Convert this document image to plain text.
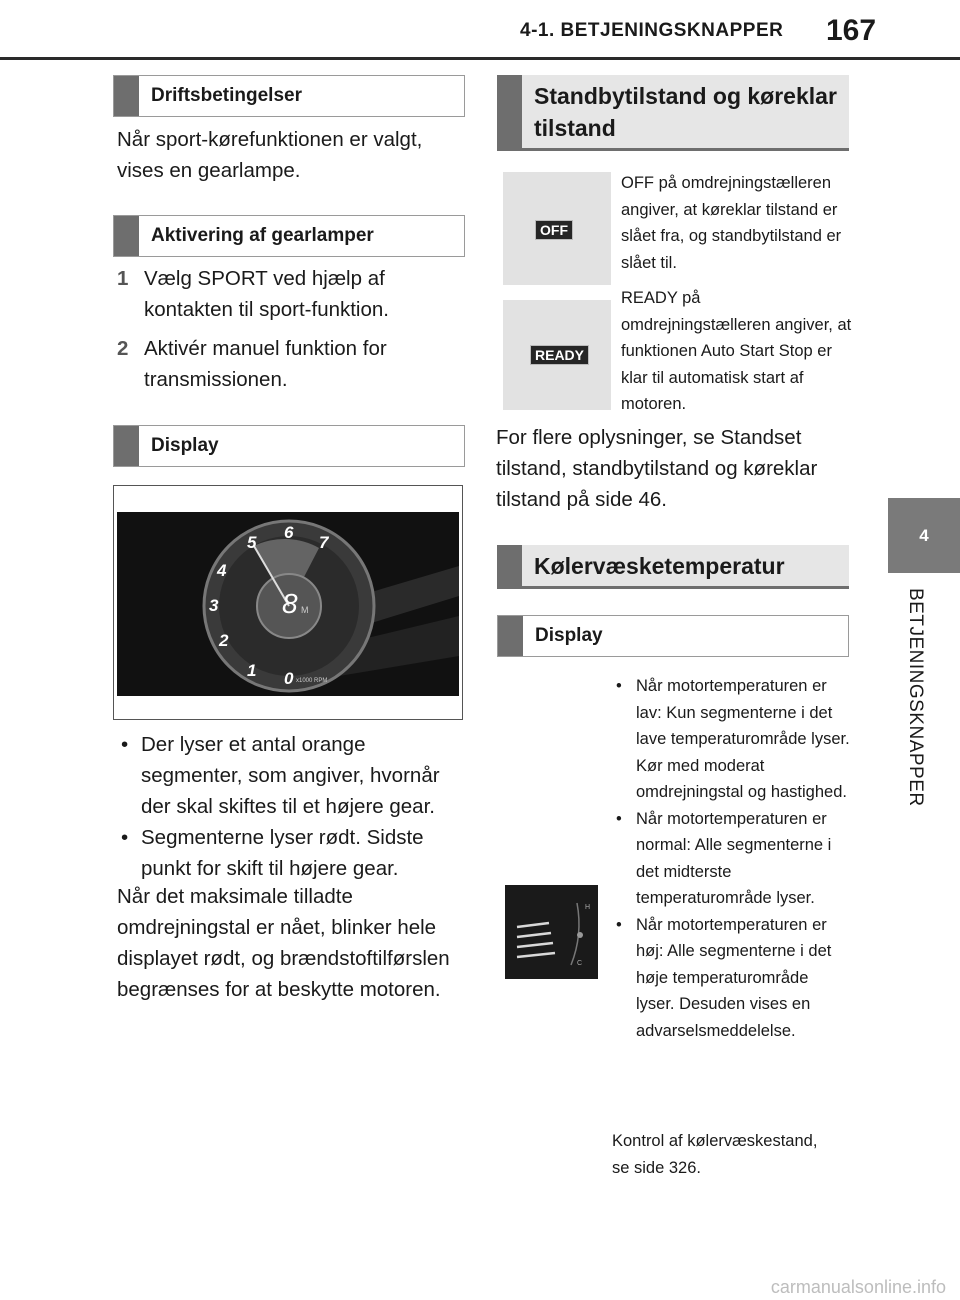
4-1. BETJENINGSKNAPPER 167
4
BETJENINGSKNAPPER
Driftsbetingelser
Når sport-kørefunktionen er valgt, vises en gearlampe.
Aktivering af gearlamper
1 Vælg SPORT ved hjælp af kontakten til sport-funktion.
2 Aktivér manuel funktion for transmissionen.
Display
8 M
0
1
2
3
4
5
6
7
x1000 RPM
• Der lyser et antal orange segmenter, som angiver, hvornår der skal skiftes til et højere gear.
• Segmenterne lyser rødt. Sidste punkt for skift til højere gear.
Når det maksimale tilladte omdrejningstal er nået, blinker hele displayet rødt, og brændstoftilførslen begrænses for at beskytte motoren.
Standbytilstand og køreklar tilstand
OFF
OFF på omdrejningstælleren angiver, at køreklar tilstand er slået fra, og standbytilstand er slået til.
READY
READY på omdrejningstælleren angiver, at funktionen Auto Start Stop er klar til automatisk start af motoren.
For flere oplysninger, se Standset tilstand, standbytilstand og køreklar tilstand på side 46.
Kølervæsketemperatur
Display
H
C
• Når motortemperaturen er lav: Kun segmenterne i det lave temperaturområde lyser. Kør med moderat omdrejningstal og hastighed.
• Når motortemperaturen er normal: Alle segmenterne i det midterste temperaturområde lyser.
• Når motortemperaturen er høj: Alle segmenterne i det høje temperaturområde lyser. Desuden vises en advarselsmeddelelse.
Kontrol af kølervæskestand, se side 326.
carmanualsonline.info
